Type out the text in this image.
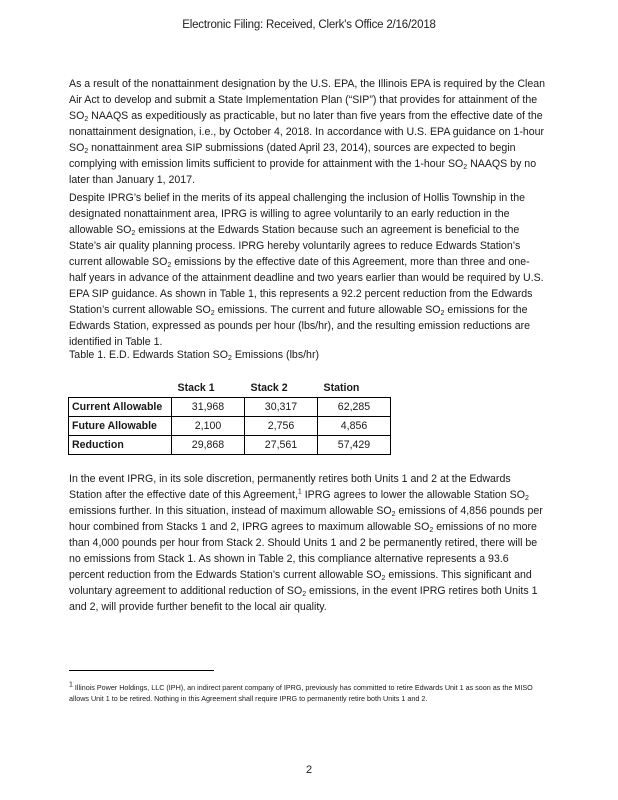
Electronic Filing: Received, Clerk's Office 2/16/2018

As a result of the nonattainment designation by the U.S. EPA, the Illinois EPA is required by the Clean Air Act to develop and submit a State Implementation Plan (“SIP”) that provides for attainment of the $SO_2$ NAAQS as expeditiously as practicable, but no later than five years from the effective date of the nonattainment designation, i.e., by October 4, 2018. In accordance with U.S. EPA guidance on 1-hour $SO_2$ nonattainment area SIP submissions (dated April 23, 2014), sources are expected to begin complying with emission limits sufficient to provide for attainment with the 1-hour $SO_2$ NAAQS by no later than January 1, 2017.

Despite IPRG’s belief in the merits of its appeal challenging the inclusion of Hollis Township in the designated nonattainment area, IPRG is willing to agree voluntarily to an early reduction in the allowable $SO_2$ emissions at the Edwards Station because such an agreement is beneficial to the State’s air quality planning process. IPRG hereby voluntarily agrees to reduce Edwards Station’s current allowable $SO_2$ emissions by the effective date of this Agreement, more than three and one-half years in advance of the attainment deadline and two years earlier than would be required by U.S. EPA SIP guidance. As shown in Table 1, this represents a 92.2 percent reduction from the Edwards Station’s current allowable $SO_2$ emissions. The current and future allowable $SO_2$ emissions for the Edwards Station, expressed as pounds per hour (lbs/hr), and the resulting emission reductions are identified in Table 1.

Table 1. E.D. Edwards Station $SO_2$ Emissions (lbs/hr)
	Stack 1	Stack 2	Station
Current Allowable	31,968	30,317	62,285
Future Allowable	2,100	2,756	4,856
Reduction	29,868	27,561	57,429

In the event IPRG, in its sole discretion, permanently retires both Units 1 and 2 at the Edwards Station after the effective date of this Agreement,$^1$ IPRG agrees to lower the allowable Station $SO_2$ emissions further. In this situation, instead of maximum allowable $SO_2$ emissions of 4,856 pounds per hour combined from Stacks 1 and 2, IPRG agrees to maximum allowable $SO_2$ emissions of no more than 4,000 pounds per hour from Stack 2. Should Units 1 and 2 be permanently retired, there will be no emissions from Stack 1. As shown in Table 2, this compliance alternative represents a 93.6 percent reduction from the Edwards Station’s current allowable $SO_2$ emissions. This significant and voluntary agreement to additional reduction of $SO_2$ emissions, in the event IPRG retires both Units 1 and 2, will provide further benefit to the local air quality.

$^1$ Illinois Power Holdings, LLC (IPH), an indirect parent company of IPRG, previously has committed to retire Edwards Unit 1 as soon as the MISO allows Unit 1 to be retired. Nothing in this Agreement shall require IPRG to permanently retire both Units 1 and 2.

2
